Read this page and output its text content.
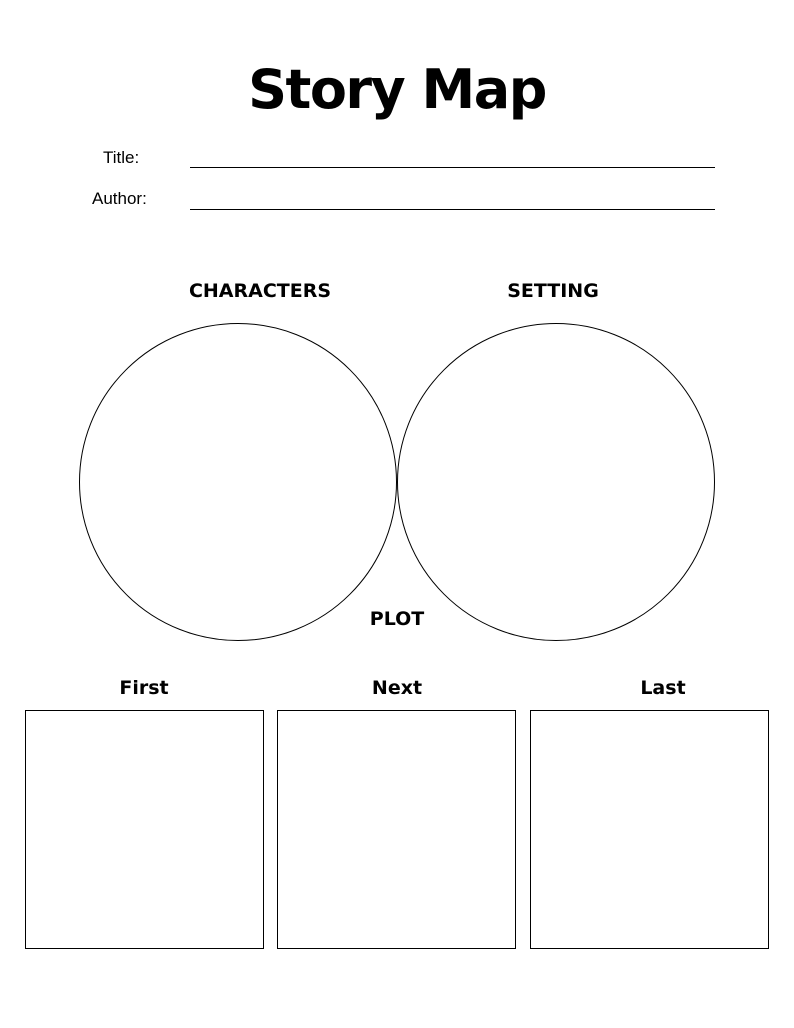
Story Map
Title:
Author:
CHARACTERS	SETTING
PLOT
First	Next	Last
